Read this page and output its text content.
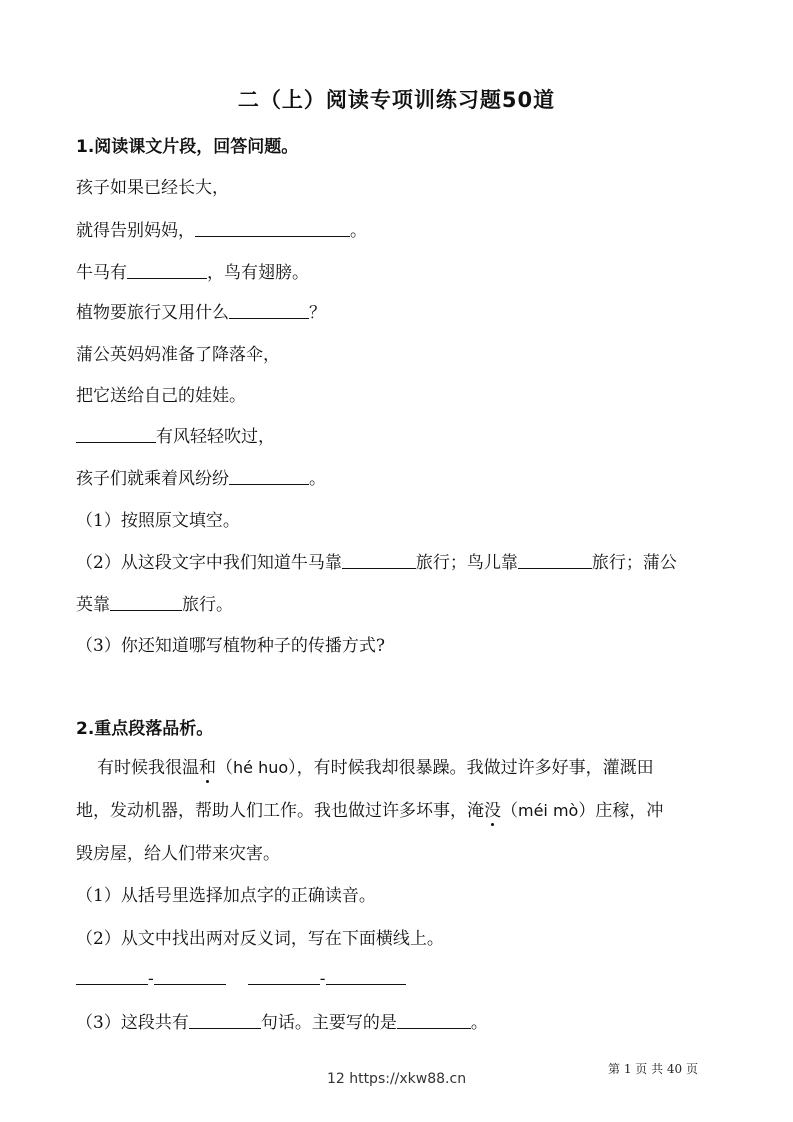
二（上）阅读专项训练习题50道
1.阅读课文片段，回答问题。
孩子如果已经长大，
就得告别妈妈，	。
牛马有	，鸟有翅膀。
植物要旅行又用什么	？
蒲公英妈妈准备了降落伞，
把它送给自己的娃娃。
有风轻轻吹过，
孩子们就乘着风纷纷	。
（1）按照原文填空。
（2）从这段文字中我们知道牛马靠	旅行；鸟儿靠	旅行；蒲公
英靠	旅行。
（3）你还知道哪写植物种子的传播方式?
2.重点段落品析。
有时候我很温和（hé huo），有时候我却很暴躁。我做过许多好事，灌溉田
地，发动机器，帮助人们工作。我也做过许多坏事，淹没（méi mò）庄稼，冲
毁房屋，给人们带来灾害。
（1）从括号里选择加点字的正确读音。
（2）从文中找出两对反义词，写在下面横线上。
-	-
（3）这段共有	句话。主要写的是	。
第 1 页 共 40 页
12 https://xkw88.cn
